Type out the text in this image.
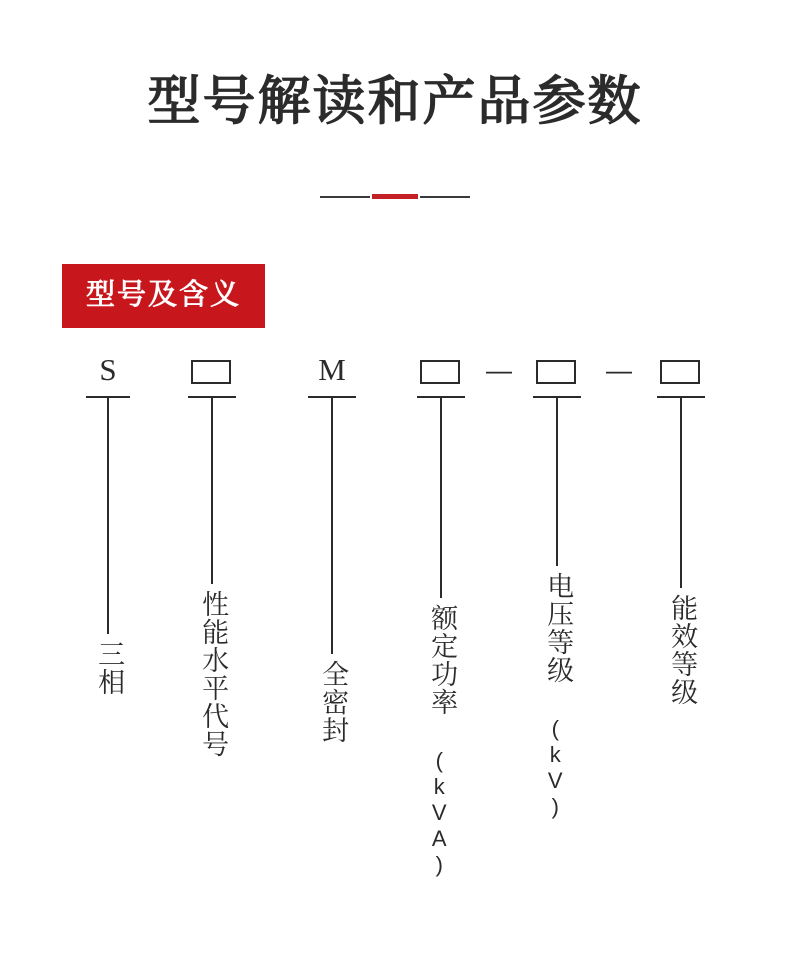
型号解读和产品参数
型号及含义
S
三相	性能水平代号
M
全密封	额定功率
(kVA)
—
电压等级
(kV)
—
能效等级
